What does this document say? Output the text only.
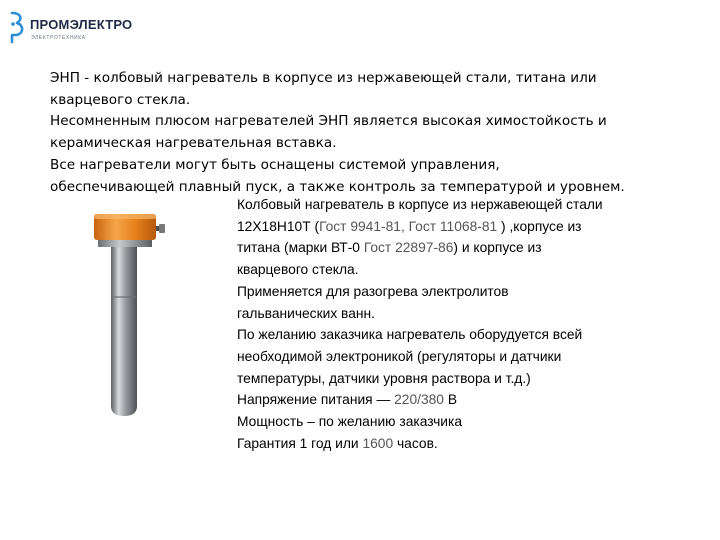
ПРОМЭЛЕКТРО
ЭЛЕКТРОТЕХНИКА

ЭНП - колбовый нагреватель в корпусе из нержавеющей стали, титана или

кварцевого стекла.

Несомненным плюсом нагревателей ЭНП является высокая химостойкость и

керамическая нагревательная вставка.

Все нагреватели могут быть оснащены системой управления,

обеспечивающей плавный пуск, а также контроль за температурой и уровнем.

Колбовый нагреватель в корпусе из нержавеющей стали

12Х18Н10Т (Гост 9941-81, Гост 11068-81 ) ,корпусе из

титана (марки ВТ-0 Гост 22897-86) и корпусе из

кварцевого стекла.

Применяется для разогрева электролитов

гальванических ванн.

По желанию заказчика нагреватель оборудуется всей

необходимой электроникой (регуляторы и датчики

температуры, датчики уровня раствора и т.д.)

Напряжение питания — 220/380 В

Мощность – по желанию заказчика

Гарантия 1 год или 1600 часов.
